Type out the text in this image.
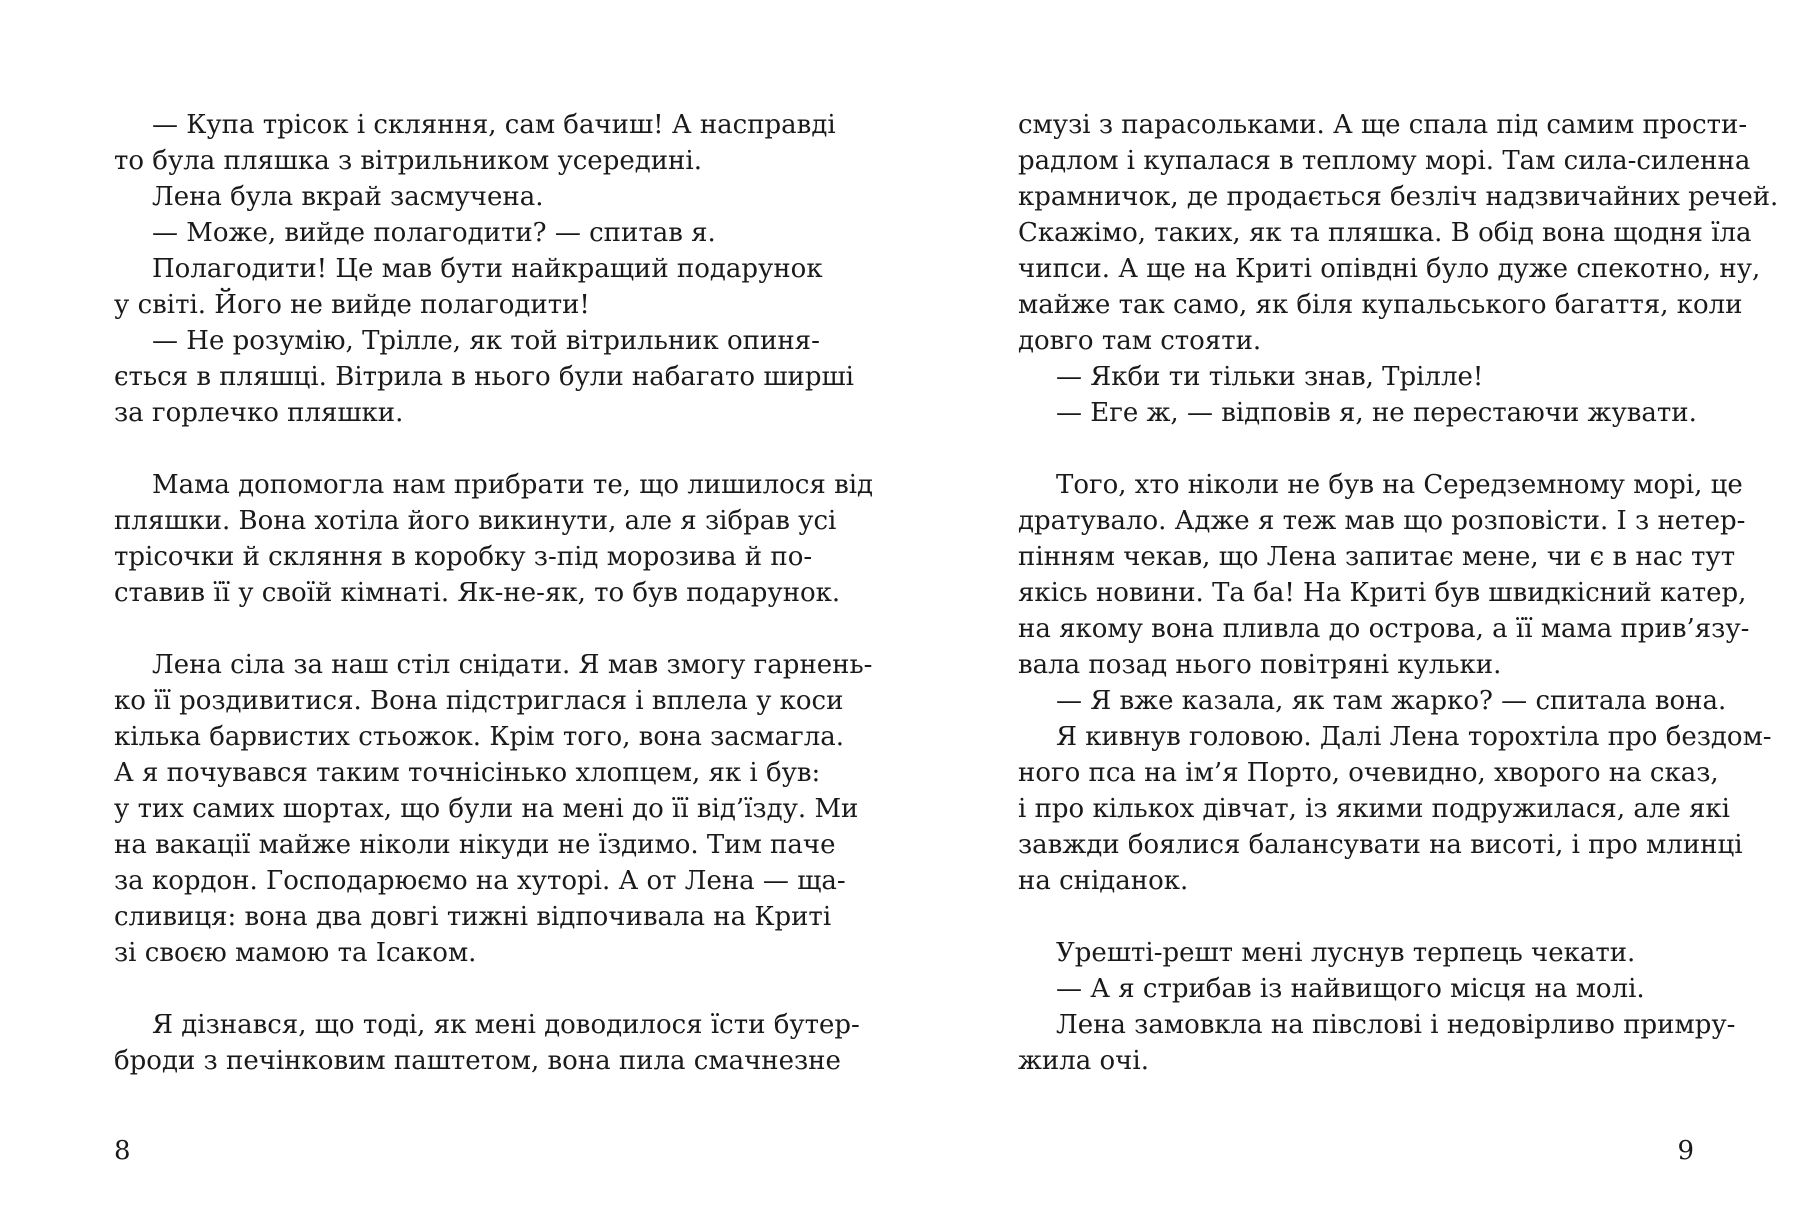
— Купа трісок і скляння, сам бачиш! А насправді
то була пляшка з вітрильником усередині.
Лена була вкрай засмучена.
— Може, вийде полагодити? — спитав я.
Полагодити! Це мав бути найкращий подарунок
у світі. Його не вийде полагодити!
— Не розумію, Трілле, як той вітрильник опиня-
ється в пляшці. Вітрила в нього були набагато ширші
за горлечко пляшки.
Мама допомогла нам прибрати те, що лишилося від
пляшки. Вона хотіла його викинути, але я зібрав усі
трісочки й скляння в коробку з-під морозива й по-
ставив її у своїй кімнаті. Як-не-як, то був подарунок.
Лена сіла за наш стіл снідати. Я мав змогу гарнень-
ко її роздивитися. Вона підстриглася і вплела у коси
кілька барвистих стьожок. Крім того, вона засмагла.
А я почувався таким точнісінько хлопцем, як і був:
у тих самих шортах, що були на мені до її від’їзду. Ми
на вакації майже ніколи нікуди не їздимо. Тим паче
за кордон. Господарюємо на хуторі. А от Лена — ща-
сливиця: вона два довгі тижні відпочивала на Криті
зі своєю мамою та Ісаком.
Я дізнався, що тоді, як мені доводилося їсти бутер-
броди з печінковим паштетом, вона пила смачнезне
8
смузі з парасольками. А ще спала під самим прости-
радлом і купалася в теплому морі. Там сила-силенна
крамничок, де продається безліч надзвичайних речей.
Скажімо, таких, як та пляшка. В обід вона щодня їла
чипси. А ще на Криті опівдні було дуже спекотно, ну,
майже так само, як біля купальського багаття, коли
довго там стояти.
— Якби ти тільки знав, Трілле!
— Еге ж, — відповів я, не перестаючи жувати.
Того, хто ніколи не був на Середземному морі, це
дратувало. Адже я теж мав що розповісти. І з нетер-
пінням чекав, що Лена запитає мене, чи є в нас тут
якісь новини. Та ба! На Криті був швидкісний катер,
на якому вона пливла до острова, а її мама прив’язу-
вала позад нього повітряні кульки.
— Я вже казала, як там жарко? — спитала вона.
Я кивнув головою. Далі Лена торохтіла про бездом-
ного пса на ім’я Порто, очевидно, хворого на сказ,
і про кількох дівчат, із якими подружилася, але які
завжди боялися балансувати на висоті, і про млинці
на сніданок.
Урешті-решт мені луснув терпець чекати.
— А я стрибав із найвищого місця на молі.
Лена замовкла на півслові і недовірливо примру-
жила очі.
9
